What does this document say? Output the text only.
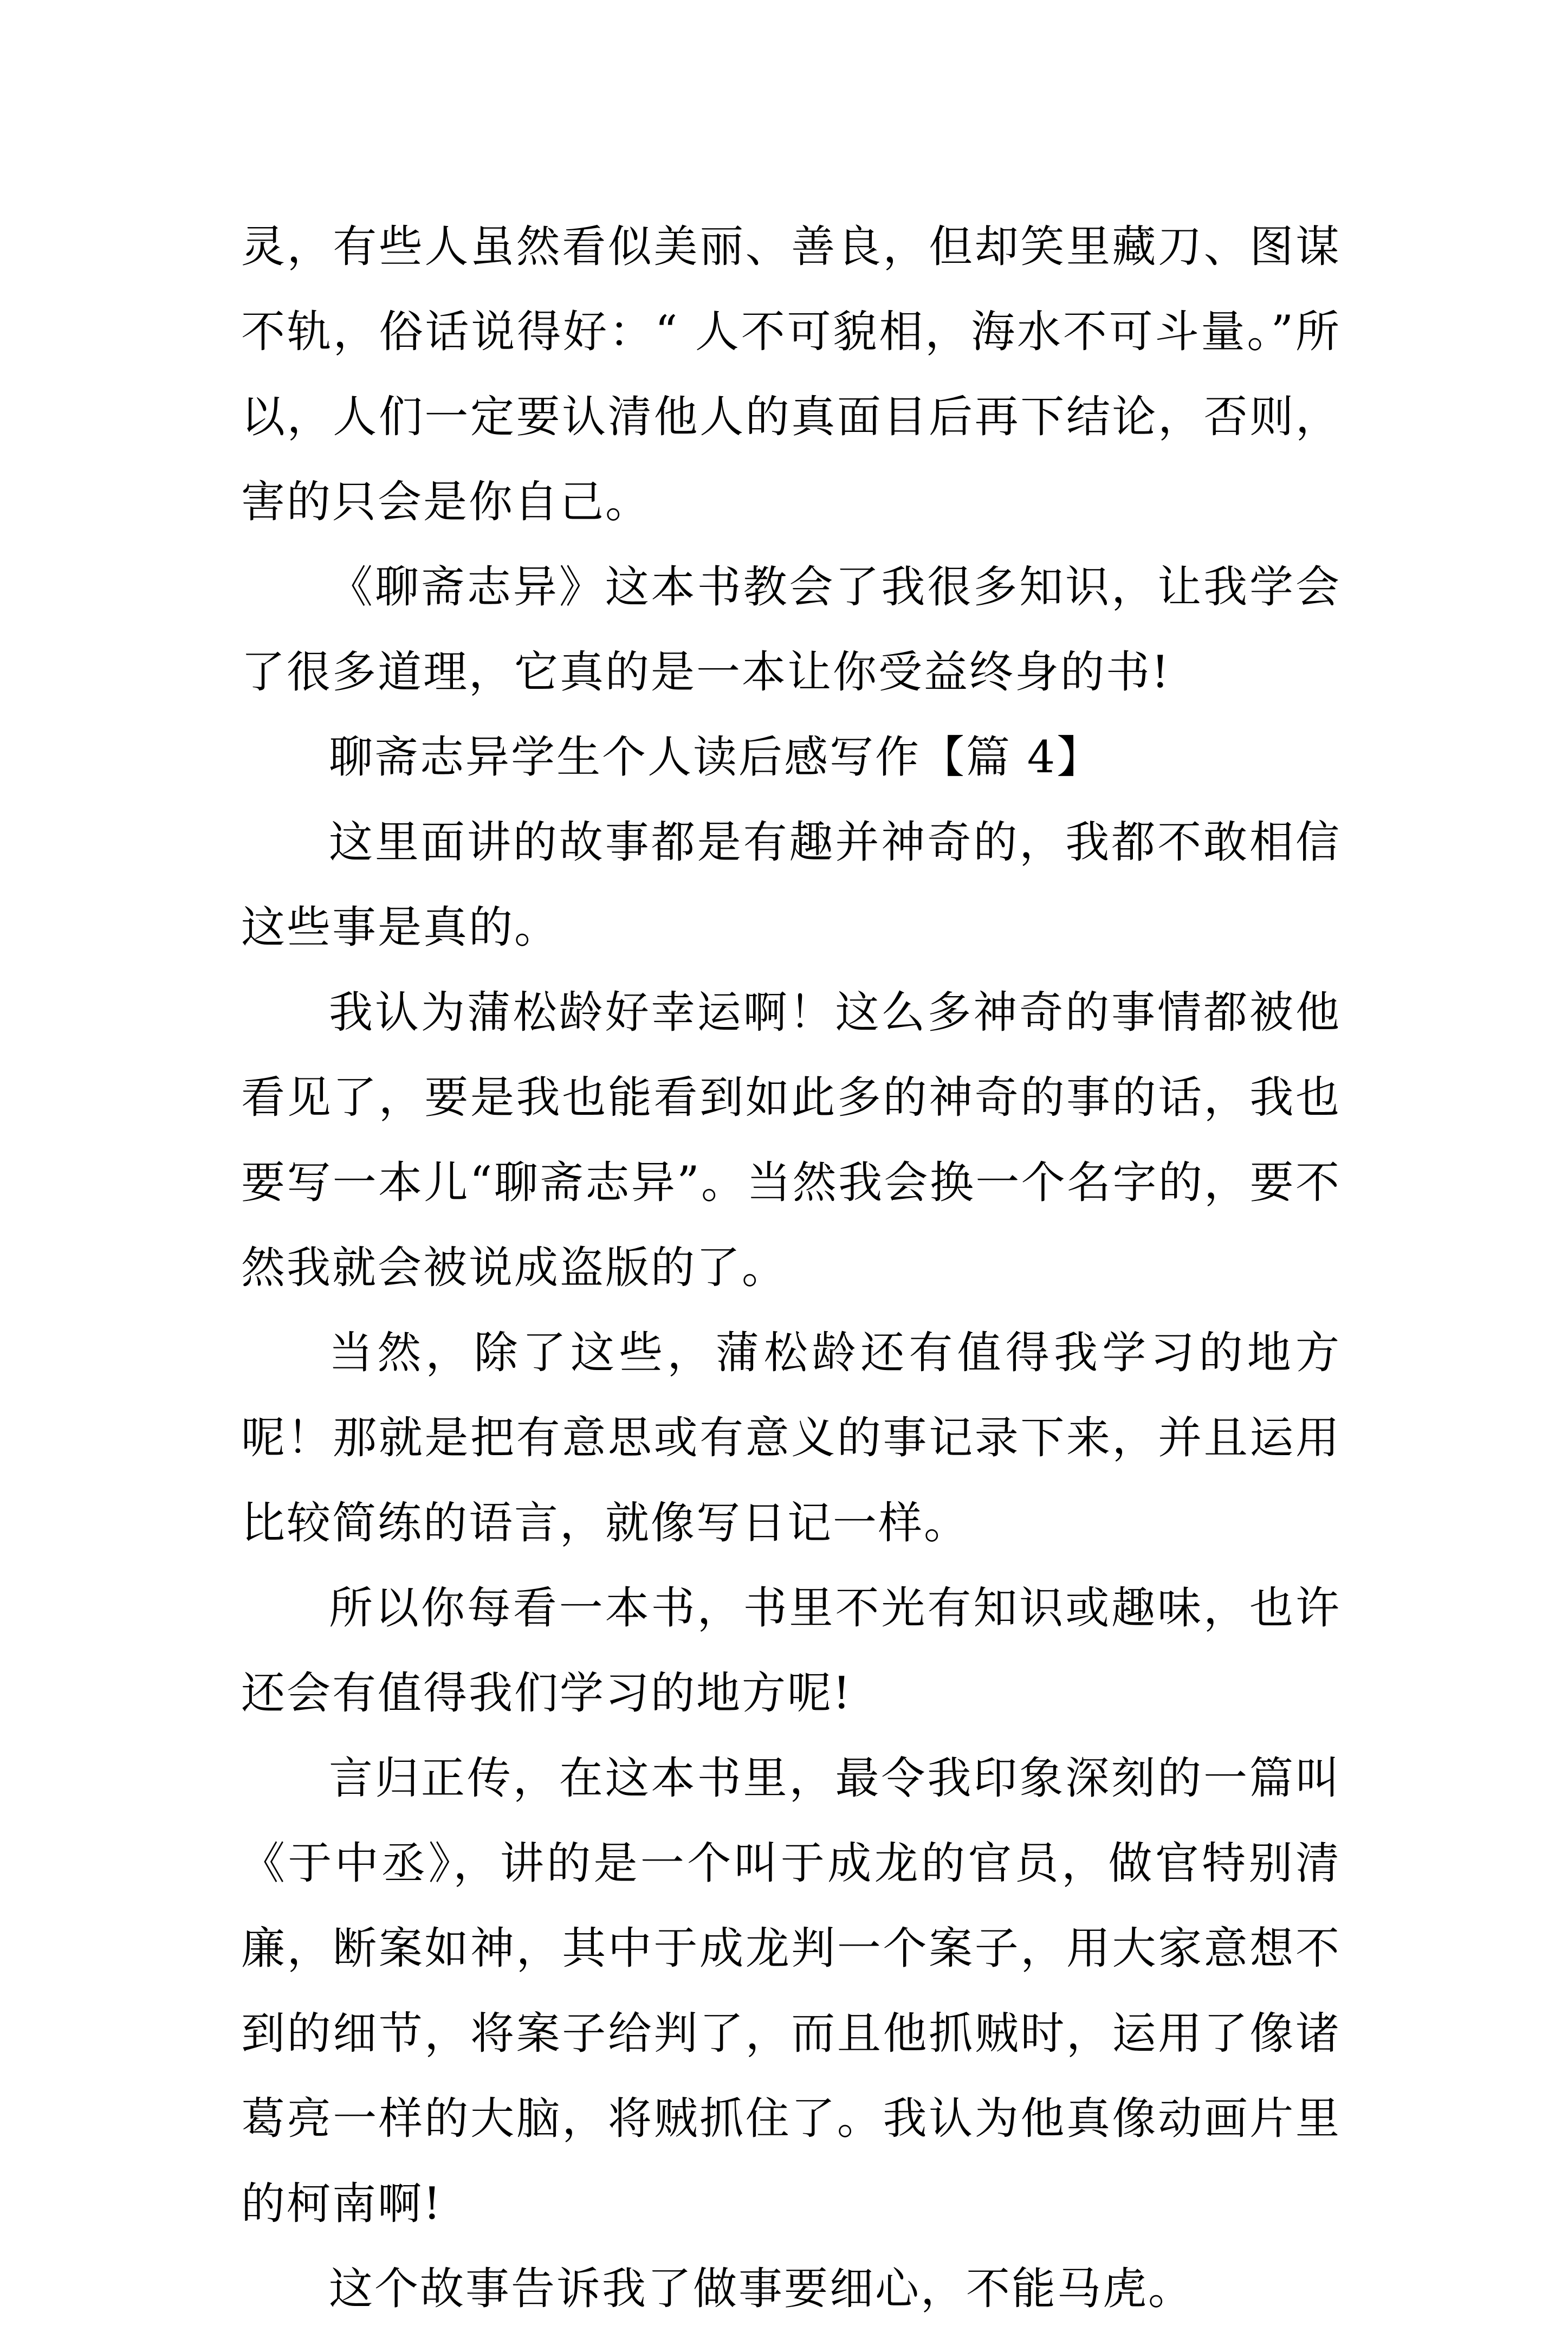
灵，有些人虽然看似美丽、善良，但却笑里藏刀、图谋不轨，俗话说得好：“ 人不可貌相，海水不可斗量。”所以，人们一定要认清他人的真面目后再下结论，否则，害的只会是你自己。

《聊斋志异》这本书教会了我很多知识，让我学会了很多道理，它真的是一本让你受益终身的书!

聊斋志异学生个人读后感写作【篇 4】

这里面讲的故事都是有趣并神奇的，我都不敢相信这些事是真的。

我认为蒲松龄好幸运啊！这么多神奇的事情都被他看见了，要是我也能看到如此多的神奇的事的话，我也要写一本儿“聊斋志异”。当然我会换一个名字的，要不然我就会被说成盗版的了。

当然，除了这些，蒲松龄还有值得我学习的地方呢！那就是把有意思或有意义的事记录下来，并且运用比较简练的语言，就像写日记一样。

所以你每看一本书，书里不光有知识或趣味，也许还会有值得我们学习的地方呢!

言归正传，在这本书里，最令我印象深刻的一篇叫《于中丞》，讲的是一个叫于成龙的官员，做官特别清廉，断案如神，其中于成龙判一个案子，用大家意想不到的细节，将案子给判了，而且他抓贼时，运用了像诸葛亮一样的大脑，将贼抓住了。我认为他真像动画片里的柯南啊!

这个故事告诉我了做事要细心，不能马虎。
